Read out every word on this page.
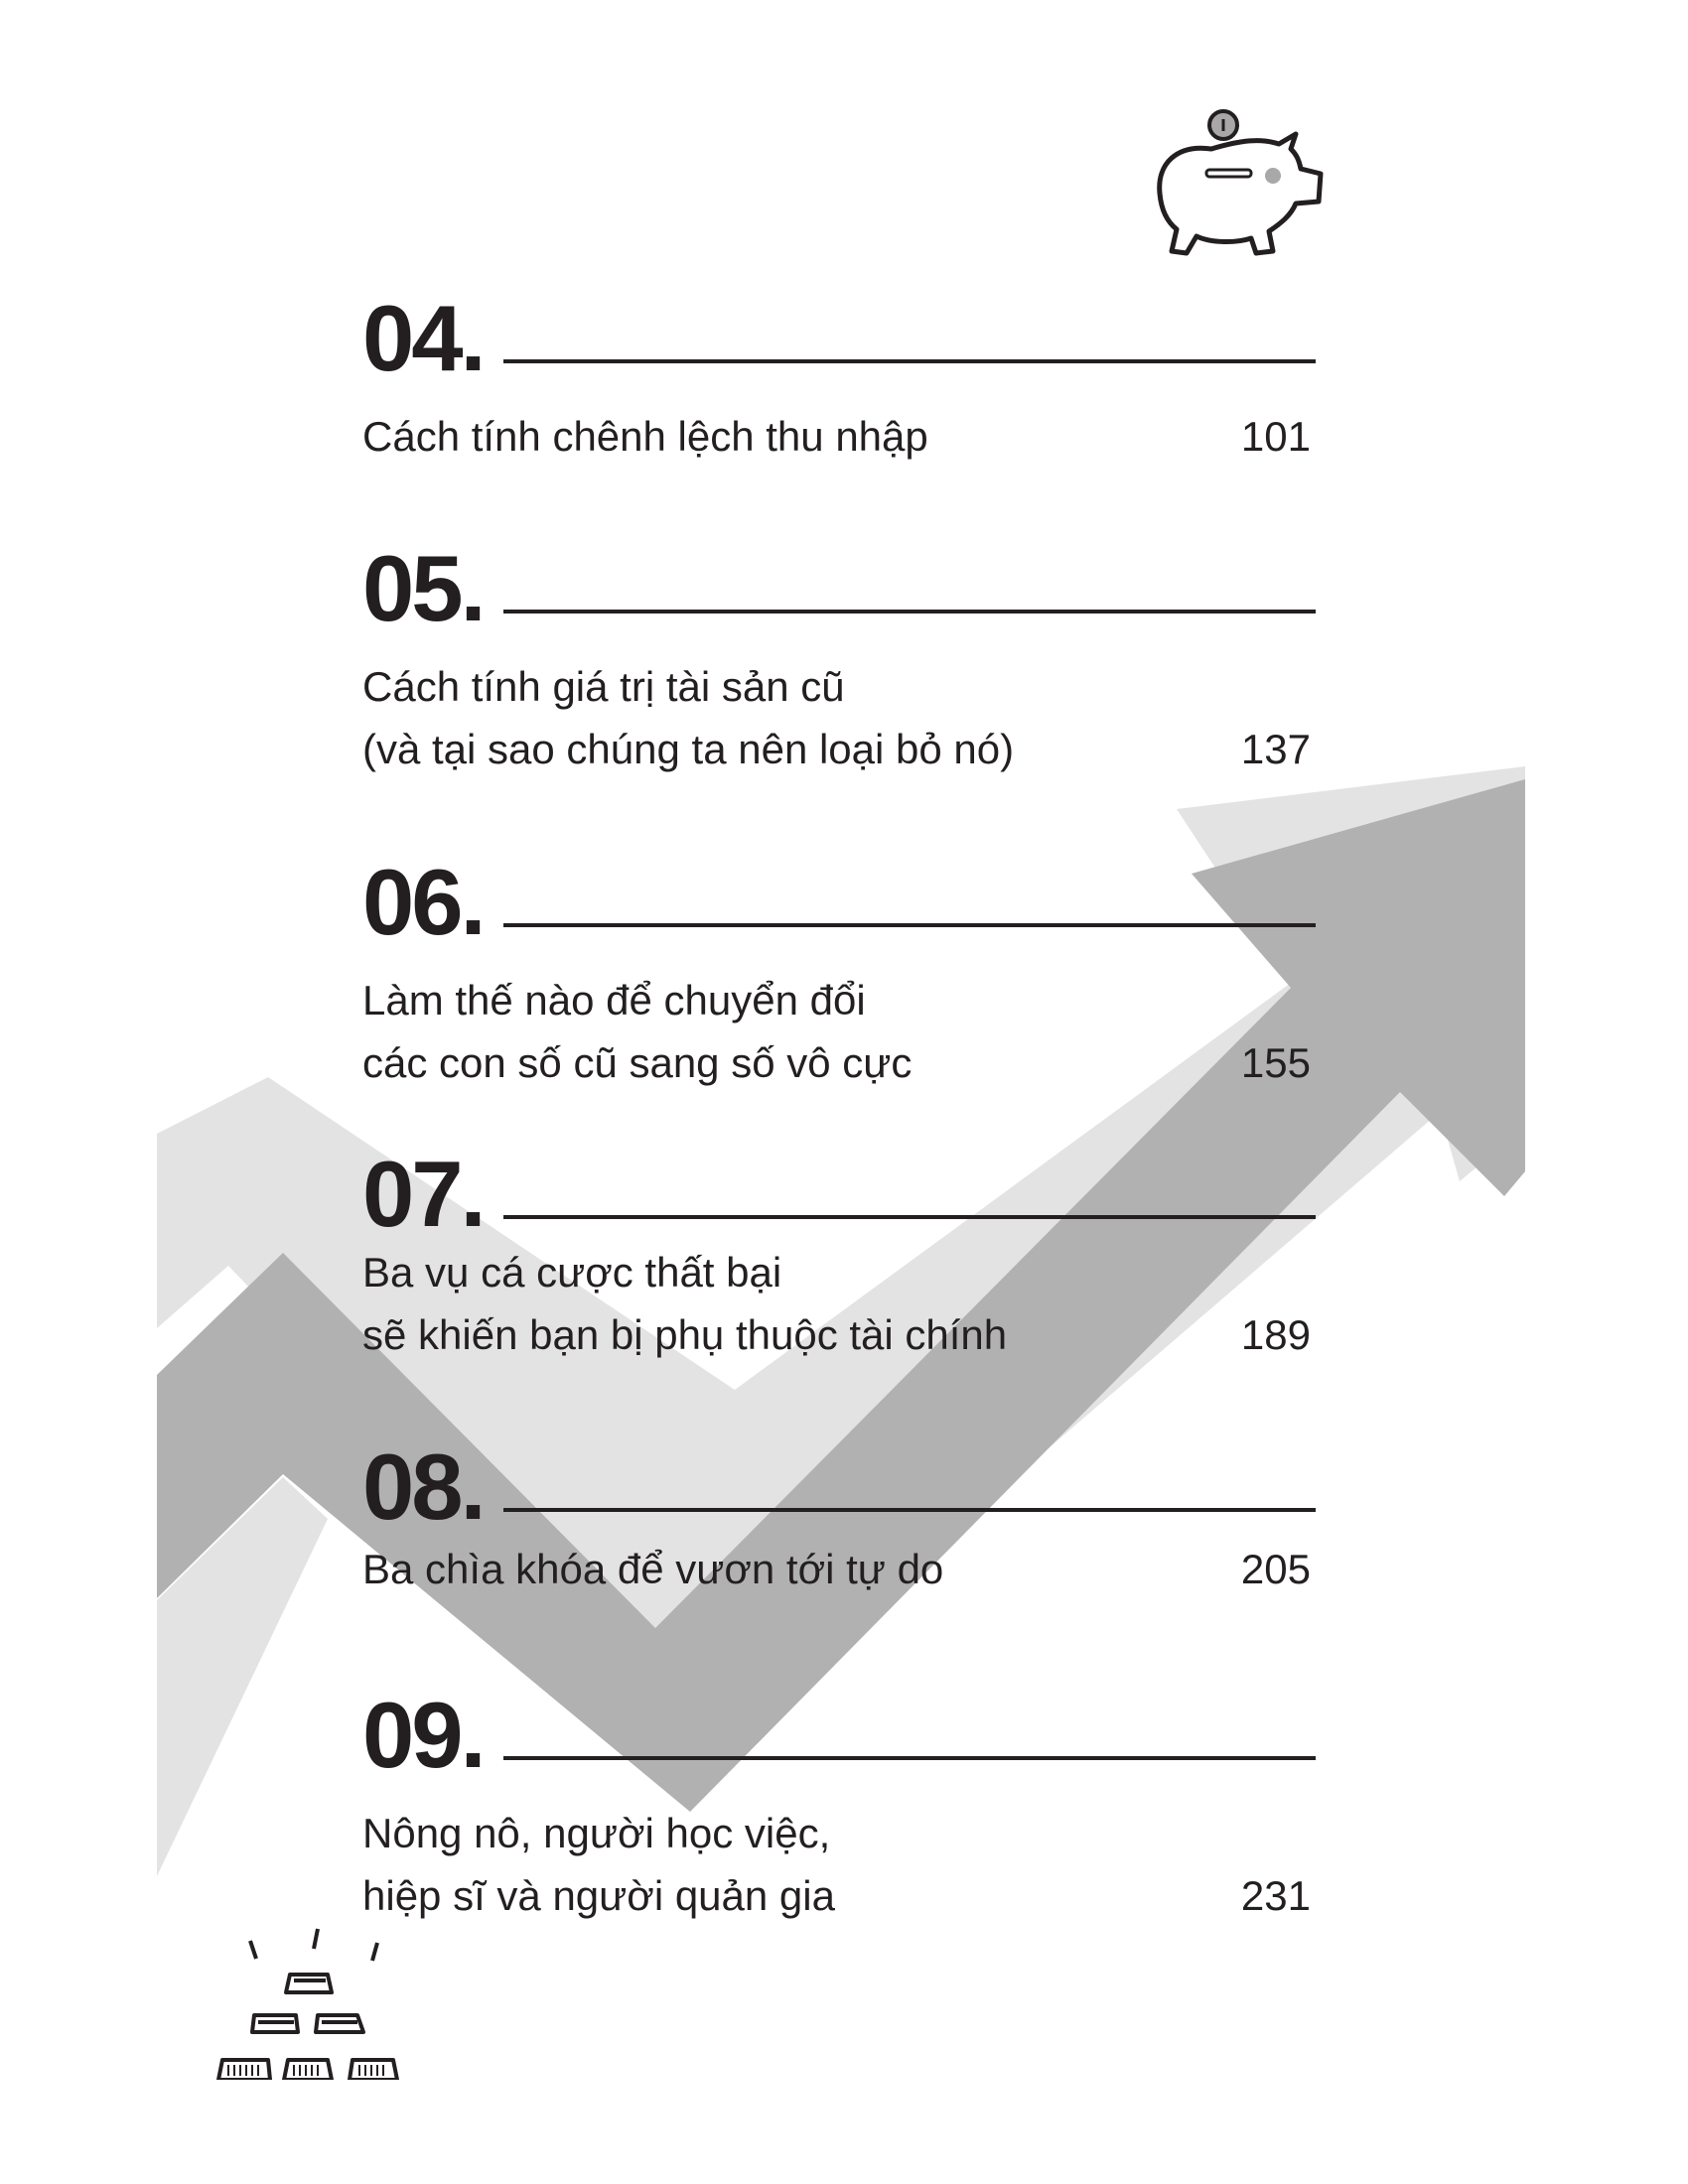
04.
Cách tính chênh lệch thu nhập	101
05.
Cách tính giá trị tài sản cũ
(và tại sao chúng ta nên loại bỏ nó)	137
06.
Làm thế nào để chuyển đổi
các con số cũ sang số vô cực	155
07.
Ba vụ cá cược thất bại
sẽ khiến bạn bị phụ thuộc tài chính	189
08.
Ba chìa khóa để vươn tới tự do	205
09.
Nông nô, người học việc,
hiệp sĩ và người quản gia	231
